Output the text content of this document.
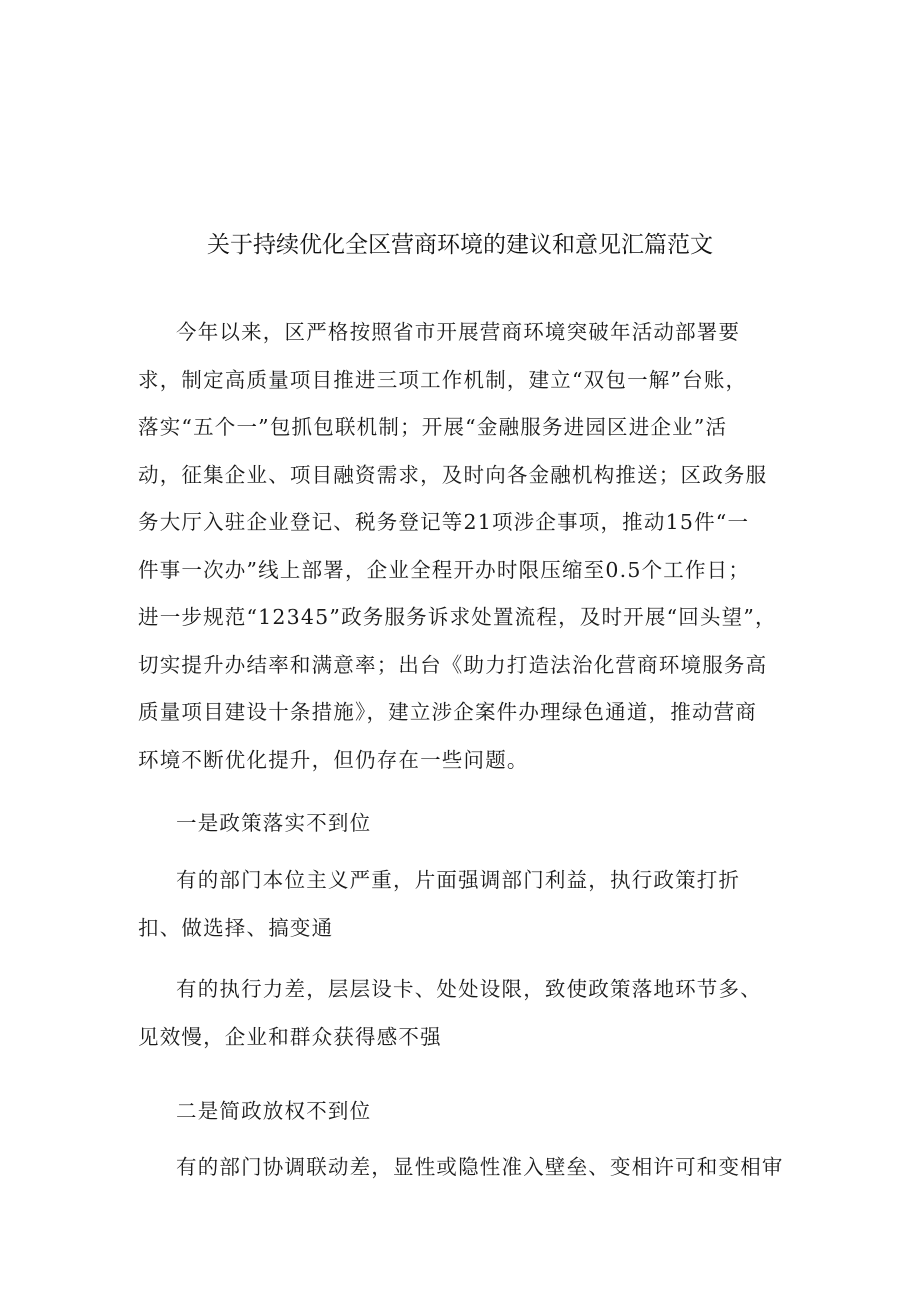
关于持续优化全区营商环境的建议和意见汇篇范文
今年以来，区严格按照省市开展营商环境突破年活动部署要
求，制定高质量项目推进三项工作机制，建立“双包一解”台账，
落实“五个一”包抓包联机制；开展“金融服务进园区进企业”活
动，征集企业、项目融资需求，及时向各金融机构推送；区政务服
务大厅入驻企业登记、税务登记等21项涉企事项，推动15件“一
件事一次办”线上部署，企业全程开办时限压缩至0.5个工作日；
进一步规范“12345”政务服务诉求处置流程，及时开展“回头望”，
切实提升办结率和满意率；出台《助力打造法治化营商环境服务高
质量项目建设十条措施》，建立涉企案件办理绿色通道，推动营商
环境不断优化提升，但仍存在一些问题。
一是政策落实不到位
有的部门本位主义严重，片面强调部门利益，执行政策打折
扣、做选择、搞变通
有的执行力差，层层设卡、处处设限，致使政策落地环节多、
见效慢，企业和群众获得感不强
二是简政放权不到位
有的部门协调联动差，显性或隐性准入壁垒、变相许可和变相审
